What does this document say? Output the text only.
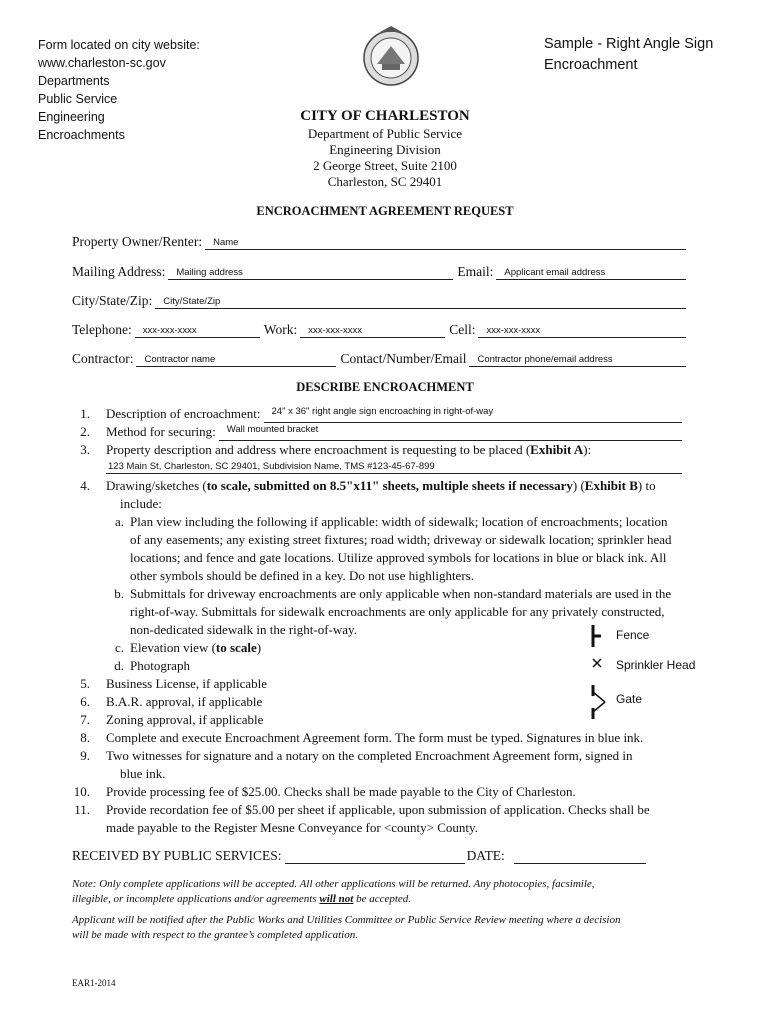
Form located on city website:
www.charleston-sc.gov
Departments
Public Service
Engineering
Encroachments
Sample - Right Angle Sign
Encroachment
CITY OF CHARLESTON
Department of Public Service
Engineering Division
2 George Street, Suite 2100
Charleston, SC 29401
ENCROACHMENT AGREEMENT REQUEST
Property Owner/Renter:	Name
Mailing Address:	Mailing address	Email:	Applicant email address
City/State/Zip:	City/State/Zip
Telephone:	xxx-xxx-xxxx	Work:	xxx-xxx-xxxx	Cell:	xxx-xxx-xxxx
Contractor:	Contractor name	Contact/Number/Email	Contractor phone/email address
DESCRIBE ENCROACHMENT
1. Description of encroachment:	24" x 36" right angle sign encroaching in right-of-way
2. Method for securing:	Wall mounted bracket
3. Property description and address where encroachment is requesting to be placed (Exhibit A):
123 Main St, Charleston, SC 29401, Subdivision Name, TMS #123-45-67-899
4. Drawing/sketches (to scale, submitted on 8.5"x11" sheets, multiple sheets if necessary) (Exhibit B) to
include:
a. Plan view including the following if applicable: width of sidewalk; location of encroachments; location
of any easements; any existing street fixtures; road width; driveway or sidewalk location; sprinkler head
locations; and fence and gate locations. Utilize approved symbols for locations in blue or black ink. All
other symbols should be defined in a key. Do not use highlighters.
b. Submittals for driveway encroachments are only applicable when non-standard materials are used in the
right-of-way. Submittals for sidewalk encroachments are only applicable for any privately constructed,
non-dedicated sidewalk in the right-of-way.
c. Elevation view (to scale)
d. Photograph
Fence
Sprinkler Head
Gate
5. Business License, if applicable
6. B.A.R. approval, if applicable
7. Zoning approval, if applicable
8. Complete and execute Encroachment Agreement form. The form must be typed. Signatures in blue ink.
9. Two witnesses for signature and a notary on the completed Encroachment Agreement form, signed in
blue ink.
10. Provide processing fee of $25.00. Checks shall be made payable to the City of Charleston.
11. Provide recordation fee of $5.00 per sheet if applicable, upon submission of application. Checks shall be
made payable to the Register Mesne Conveyance for <county> County.
RECEIVED BY PUBLIC SERVICES:	DATE:
Note: Only complete applications will be accepted. All other applications will be returned. Any photocopies, facsimile,
illegible, or incomplete applications and/or agreements will not be accepted.
Applicant will be notified after the Public Works and Utilities Committee or Public Service Review meeting where a decision
will be made with respect to the grantee’s completed application.
EAR1-2014
